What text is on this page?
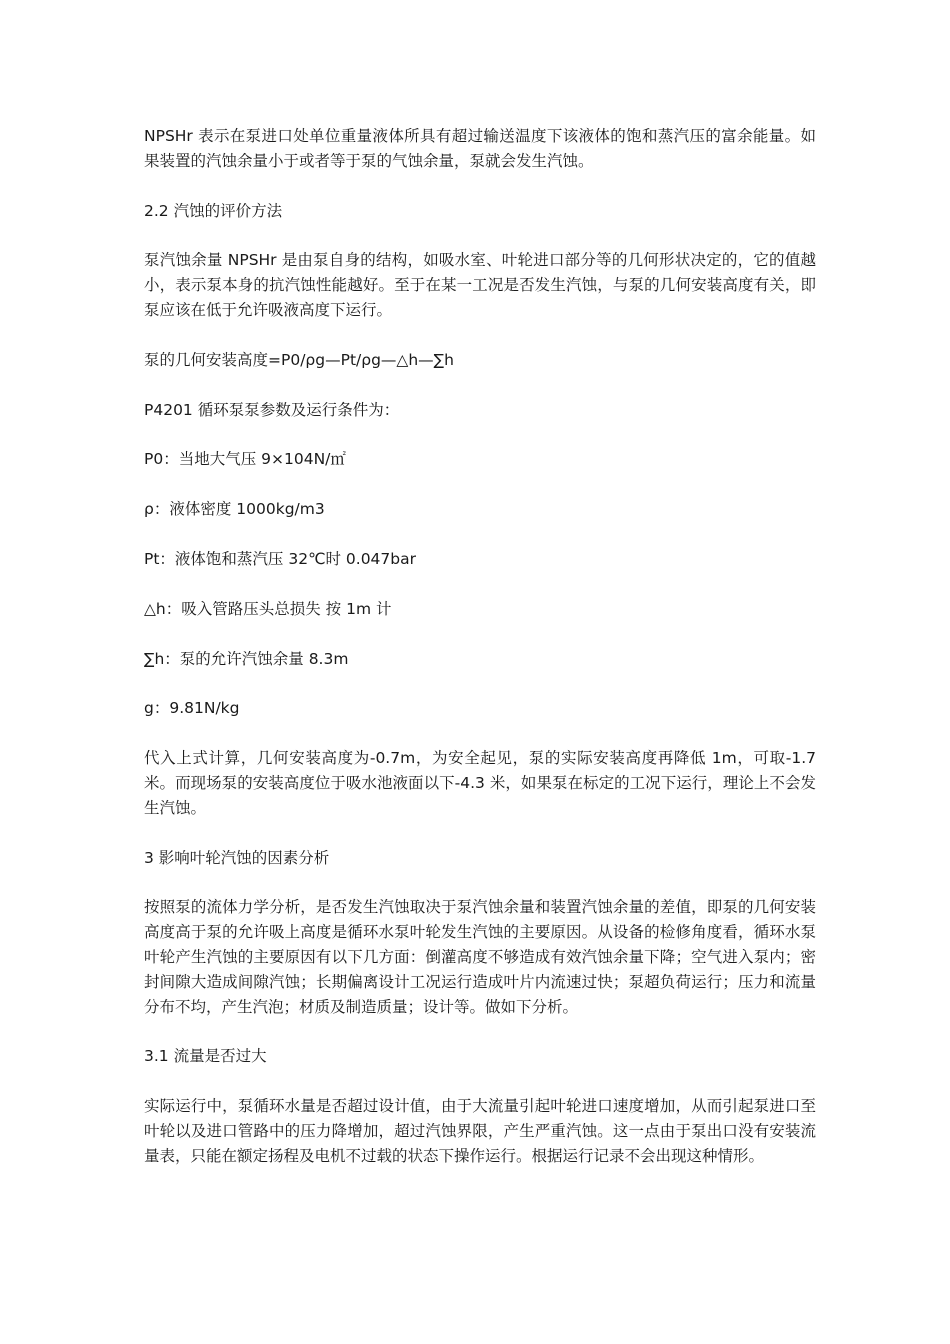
NPSHr 表示在泵进口处单位重量液体所具有超过输送温度下该液体的饱和蒸汽压的富余能量。如果装置的汽蚀余量小于或者等于泵的气蚀余量，泵就会发生汽蚀。

2.2 汽蚀的评价方法

泵汽蚀余量 NPSHr 是由泵自身的结构，如吸水室、叶轮进口部分等的几何形状决定的，它的值越小，表示泵本身的抗汽蚀性能越好。至于在某一工况是否发生汽蚀，与泵的几何安装高度有关，即泵应该在低于允许吸液高度下运行。

泵的几何安装高度=P0/ρg—Pt/ρg—△h—∑h

P4201 循环泵泵参数及运行条件为：

P0：当地大气压 9×104N/㎡

ρ：液体密度 1000kg/m3

Pt：液体饱和蒸汽压 32℃时 0.047bar

△h：吸入管路压头总损失 按 1m 计

∑h：泵的允许汽蚀余量 8.3m

g：9.81N/kg

代入上式计算，几何安装高度为-0.7m，为安全起见，泵的实际安装高度再降低 1m，可取-1.7 米。而现场泵的安装高度位于吸水池液面以下-4.3 米，如果泵在标定的工况下运行，理论上不会发生汽蚀。

3 影响叶轮汽蚀的因素分析

按照泵的流体力学分析，是否发生汽蚀取决于泵汽蚀余量和装置汽蚀余量的差值，即泵的几何安装高度高于泵的允许吸上高度是循环水泵叶轮发生汽蚀的主要原因。从设备的检修角度看，循环水泵叶轮产生汽蚀的主要原因有以下几方面：倒灌高度不够造成有效汽蚀余量下降；空气进入泵内；密封间隙大造成间隙汽蚀；长期偏离设计工况运行造成叶片内流速过快；泵超负荷运行；压力和流量分布不均，产生汽泡；材质及制造质量；设计等。做如下分析。

3.1 流量是否过大

实际运行中，泵循环水量是否超过设计值，由于大流量引起叶轮进口速度增加，从而引起泵进口至叶轮以及进口管路中的压力降增加，超过汽蚀界限，产生严重汽蚀。这一点由于泵出口没有安装流量表，只能在额定扬程及电机不过载的状态下操作运行。根据运行记录不会出现这种情形。
